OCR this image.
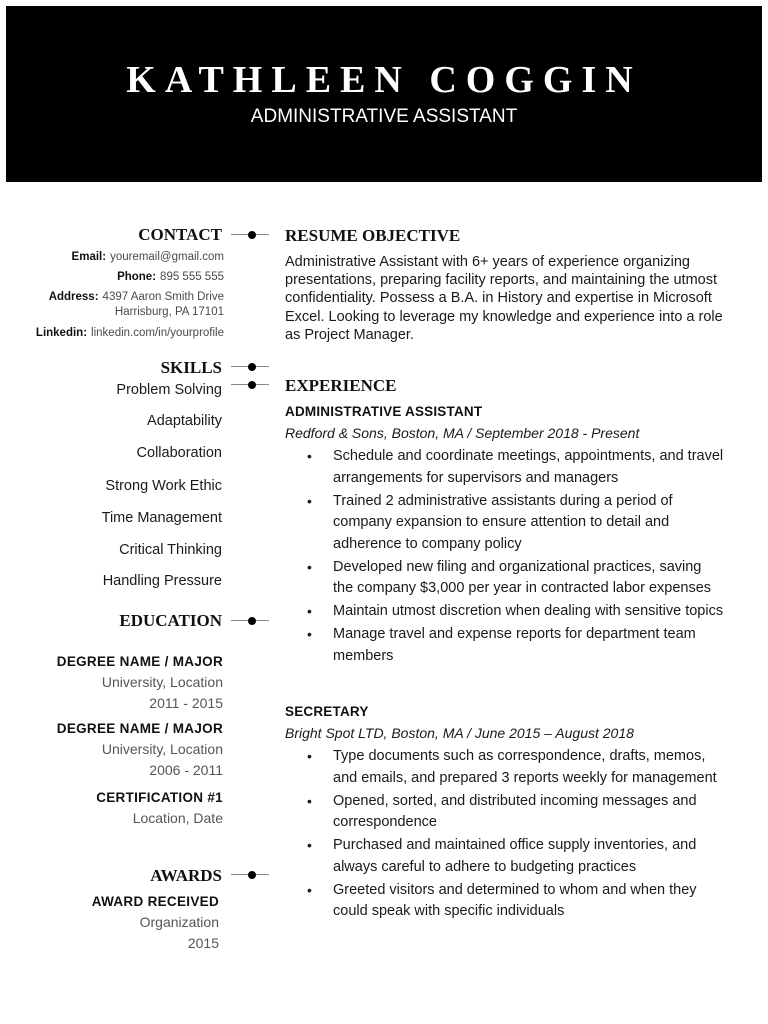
KATHLEEN COGGIN
ADMINISTRATIVE ASSISTANT
CONTACT
Email: youremail@gmail.com
Phone: 895 555 555
Address: 4397 Aaron Smith Drive
Harrisburg, PA 17101
Linkedin: linkedin.com/in/yourprofile
SKILLS
Problem Solving
Adaptability
Collaboration
Strong Work Ethic
Time Management
Critical Thinking
Handling Pressure
EDUCATION
DEGREE NAME / MAJOR
University, Location
2011 - 2015
DEGREE NAME / MAJOR
University, Location
2006 - 2011
CERTIFICATION #1
Location, Date
AWARDS
AWARD RECEIVED
Organization
2015
RESUME OBJECTIVE
Administrative Assistant with 6+ years of experience organizing presentations, preparing facility reports, and maintaining the utmost confidentiality. Possess a B.A. in History and expertise in Microsoft Excel. Looking to leverage my knowledge and experience into a role as Project Manager.
EXPERIENCE
ADMINISTRATIVE ASSISTANT
Redford & Sons, Boston, MA / September 2018 - Present
• Schedule and coordinate meetings, appointments, and travel arrangements for supervisors and managers
• Trained 2 administrative assistants during a period of company expansion to ensure attention to detail and adherence to company policy
• Developed new filing and organizational practices, saving the company $3,000 per year in contracted labor expenses
• Maintain utmost discretion when dealing with sensitive topics
• Manage travel and expense reports for department team members
SECRETARY
Bright Spot LTD, Boston, MA / June 2015 – August 2018
• Type documents such as correspondence, drafts, memos, and emails, and prepared 3 reports weekly for management
• Opened, sorted, and distributed incoming messages and correspondence
• Purchased and maintained office supply inventories, and always careful to adhere to budgeting practices
• Greeted visitors and determined to whom and when they could speak with specific individuals
